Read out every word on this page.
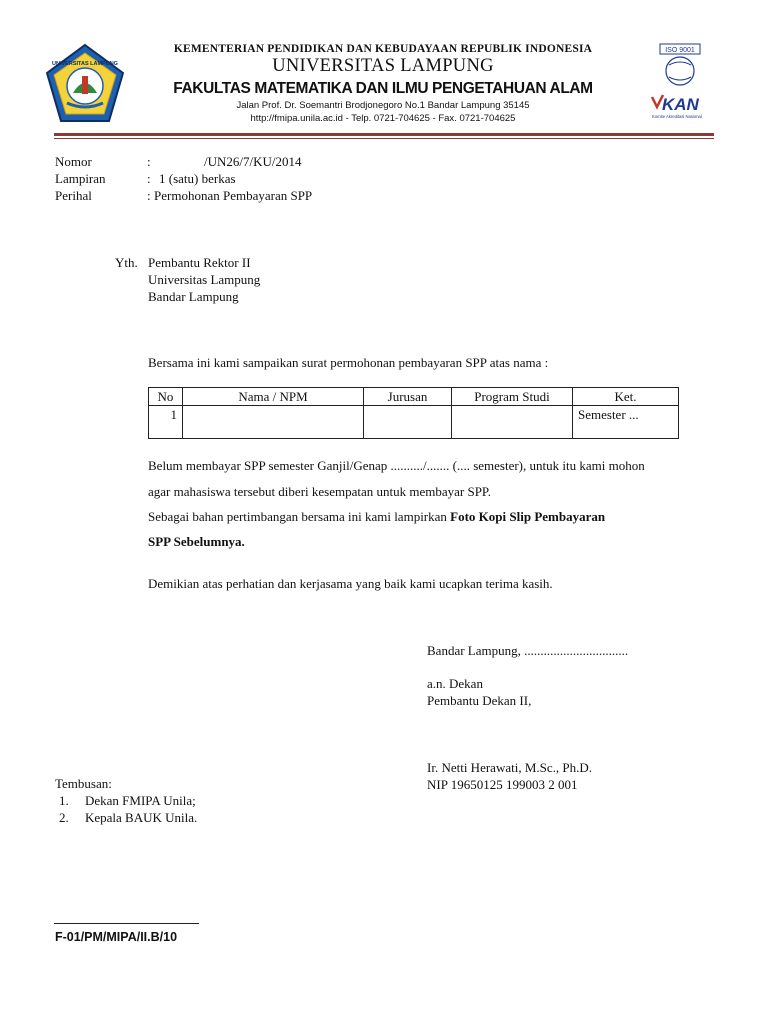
UNIVERSITAS LAMPUNG
KEMENTERIAN PENDIDIKAN DAN KEBUDAYAAN REPUBLIK INDONESIA
UNIVERSITAS LAMPUNG
FAKULTAS MATEMATIKA DAN ILMU PENGETAHUAN ALAM
Jalan Prof. Dr. Soemantri Brodjonegoro No.1 Bandar Lampung 35145
http://fmipa.unila.ac.id - Telp. 0721-704625 - Fax. 0721-704625
ISO 9001
KAN
Komite Akreditasi Nasional
Nomor	:	/UN26/7/KU/2014
Lampiran	: 1 (satu) berkas
Perihal	: Permohonan Pembayaran SPP
Yth. Pembantu Rektor II
Universitas Lampung
Bandar Lampung
Bersama ini kami sampaikan surat permohonan pembayaran SPP atas nama :
No	Nama / NPM	Jurusan	Program Studi	Ket.
1				Semester ...
Belum membayar SPP semester Ganjil/Genap ........../....... (.... semester), untuk itu kami mohon
agar mahasiswa tersebut diberi kesempatan untuk membayar SPP.
Sebagai bahan pertimbangan bersama ini kami lampirkan Foto Kopi Slip Pembayaran
SPP Sebelumnya.
Demikian atas perhatian dan kerjasama yang baik kami ucapkan terima kasih.
Bandar Lampung, ................................
a.n. Dekan
Pembantu Dekan II,
Ir. Netti Herawati, M.Sc., Ph.D.
NIP 19650125 199003 2 001
Tembusan:
1. Dekan FMIPA Unila;
2. Kepala BAUK Unila.
F-01/PM/MIPA/II.B/10
